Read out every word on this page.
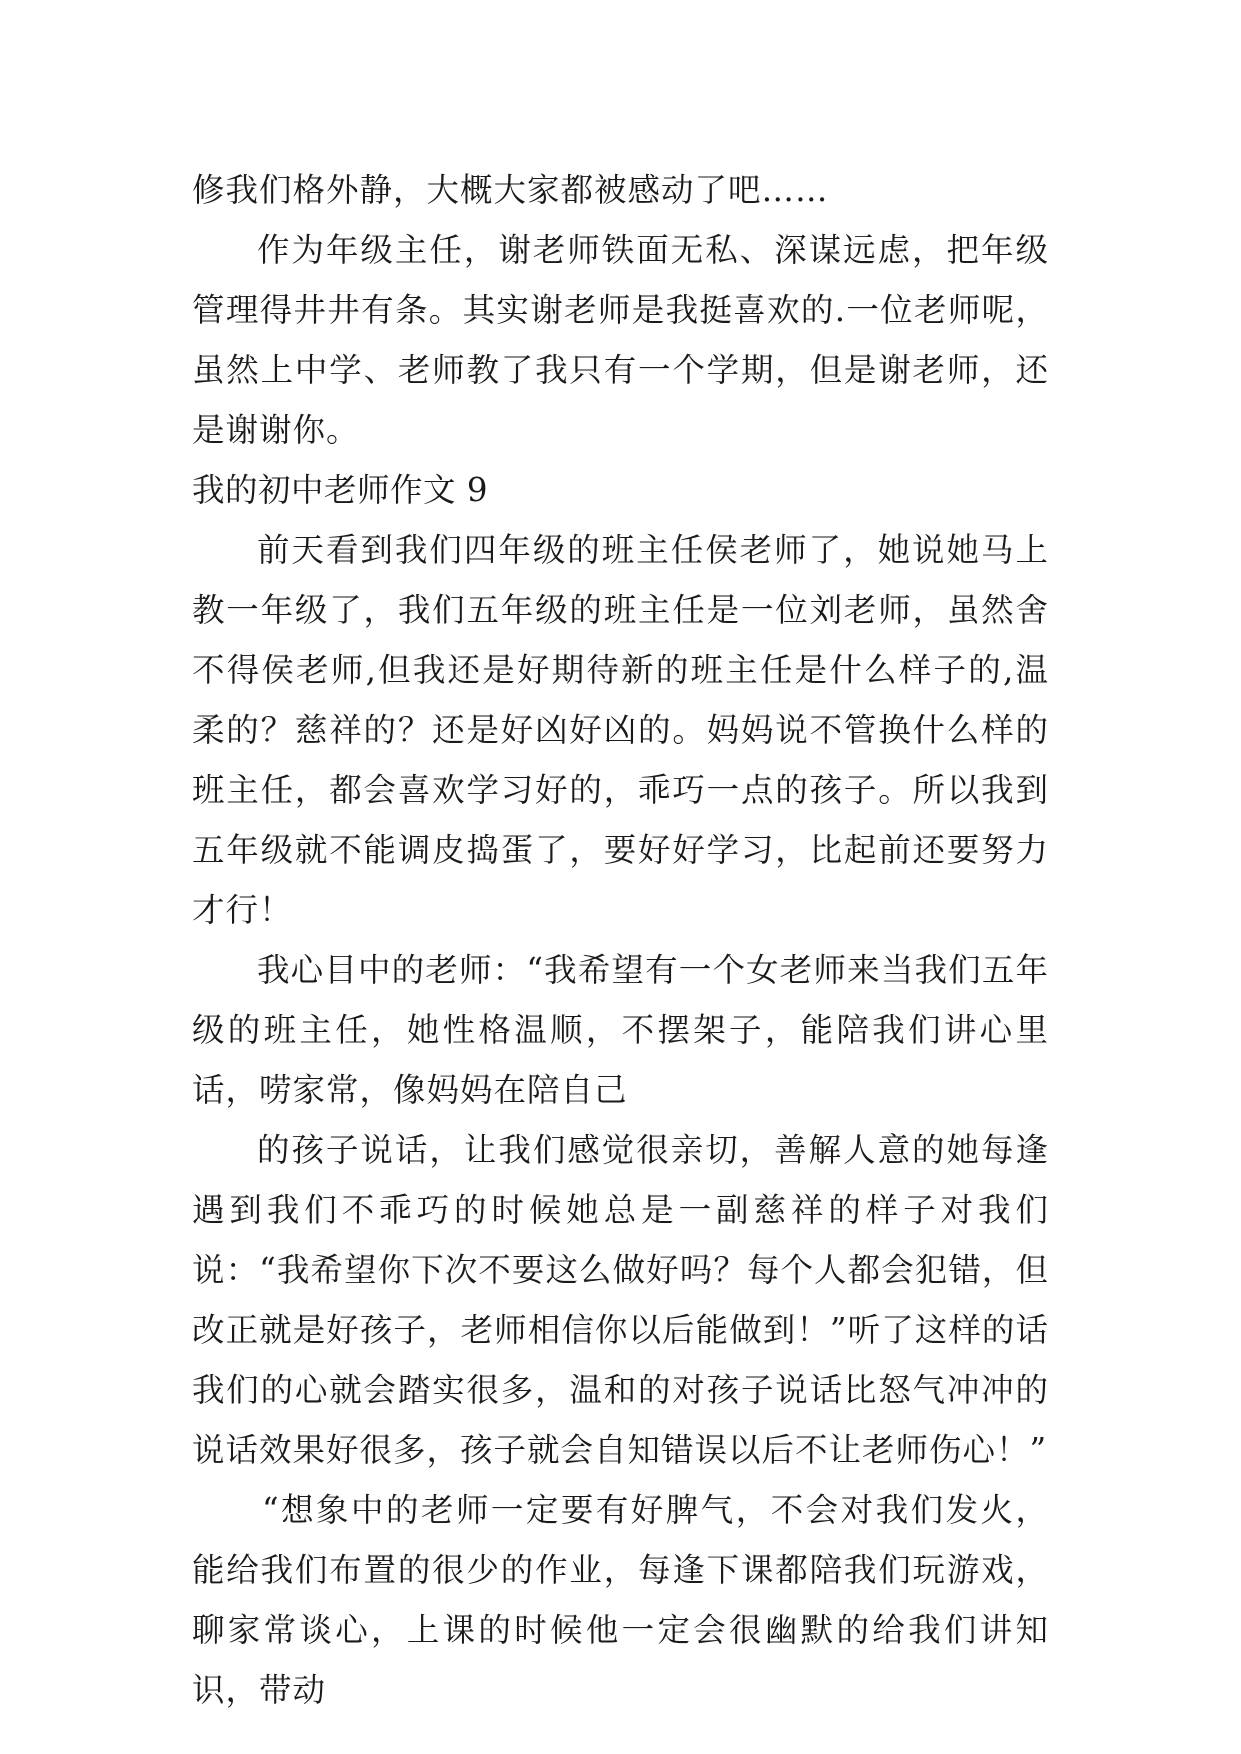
修我们格外静，大概大家都被感动了吧……

作为年级主任，谢老师铁面无私、深谋远虑，把年级管理得井井有条。其实谢老师是我挺喜欢的.一位老师呢，虽然上中学、老师教了我只有一个学期，但是谢老师，还是谢谢你。

我的初中老师作文 9

前天看到我们四年级的班主任侯老师了，她说她马上教一年级了，我们五年级的班主任是一位刘老师，虽然舍不得侯老师,但我还是好期待新的班主任是什么样子的,温柔的？慈祥的？还是好凶好凶的。妈妈说不管换什么样的班主任，都会喜欢学习好的，乖巧一点的孩子。所以我到五年级就不能调皮捣蛋了，要好好学习，比起前还要努力才行！

我心目中的老师：“我希望有一个女老师来当我们五年级的班主任，她性格温顺，不摆架子，能陪我们讲心里话，唠家常，像妈妈在陪自己

的孩子说话，让我们感觉很亲切，善解人意的她每逢遇到我们不乖巧的时候她总是一副慈祥的样子对我们说：“我希望你下次不要这么做好吗？每个人都会犯错，但改正就是好孩子，老师相信你以后能做到！”听了这样的话我们的心就会踏实很多，温和的对孩子说话比怒气冲冲的说话效果好很多，孩子就会自知错误以后不让老师伤心！”

“想象中的老师一定要有好脾气，不会对我们发火，能给我们布置的很少的作业，每逢下课都陪我们玩游戏，聊家常谈心，上课的时候他一定会很幽默的给我们讲知识，带动
